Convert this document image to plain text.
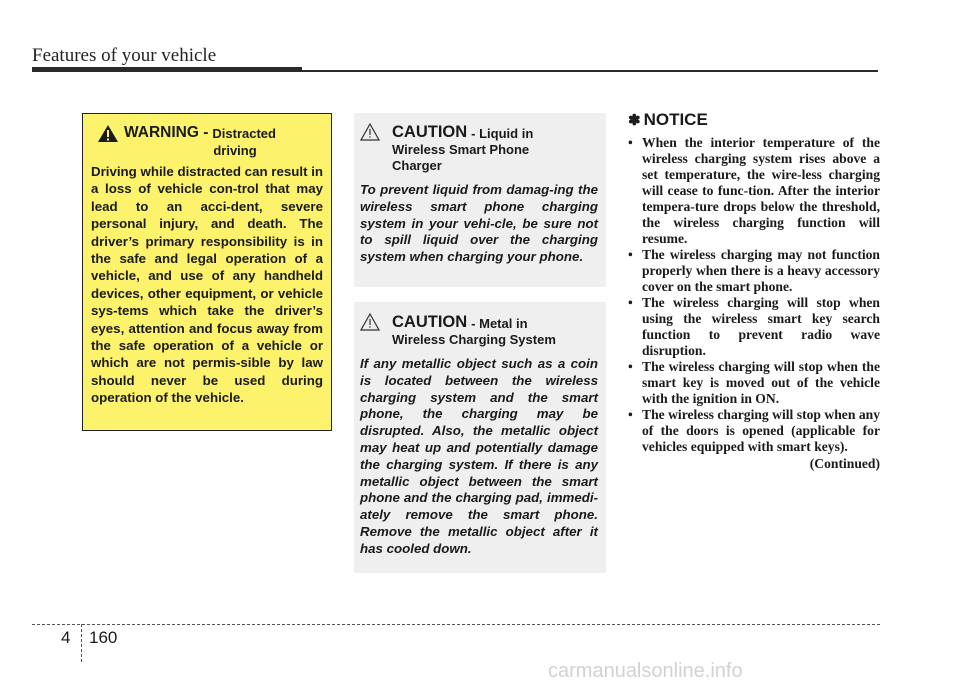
Features of your vehicle
WARNING - Distracted
driving
Driving while distracted can result in a loss of vehicle con-trol that may lead to an acci-dent, severe personal injury, and death. The driver’s primary responsibility is in the safe and legal operation of a vehicle, and use of any handheld devices, other equipment, or vehicle sys-tems which take the driver’s eyes, attention and focus away from the safe operation of a vehicle or which are not permis-sible by law should never be used during operation of the vehicle.
CAUTION - Liquid in
Wireless Smart Phone
Charger
To prevent liquid from damag-ing the wireless smart phone charging system in your vehi-cle, be sure not to spill liquid over the charging system when charging your phone.
CAUTION - Metal in
Wireless Charging System
If any metallic object such as a coin is located between the wireless charging system and the smart phone, the charging may be disrupted. Also, the metallic object may heat up and potentially damage the charging system. If there is any metallic object between the smart phone and the charging pad, immedi-ately remove the smart phone. Remove the metallic object after it has cooled down.
✽ NOTICE
• When the interior temperature of the wireless charging system rises above a set temperature, the wire-less charging will cease to func-tion. After the interior tempera-ture drops below the threshold, the wireless charging function will resume.
• The wireless charging may not function properly when there is a heavy accessory cover on the smart phone.
• The wireless charging will stop when using the wireless smart key search function to prevent radio wave disruption.
• The wireless charging will stop when the smart key is moved out of the vehicle with the ignition in ON.
• The wireless charging will stop when any of the doors is opened (applicable for vehicles equipped with smart keys).
(Continued)
4 160
carmanualsonline.info
